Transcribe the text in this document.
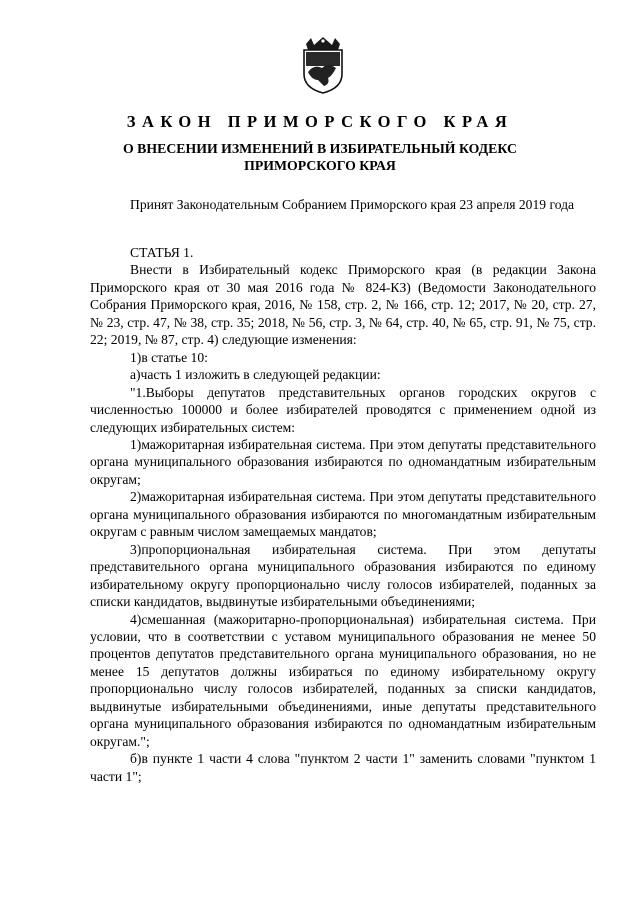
ЗАКОН ПРИМОРСКОГО КРАЯ
О ВНЕСЕНИИ ИЗМЕНЕНИЙ В ИЗБИРАТЕЛЬНЫЙ КОДЕКС
ПРИМОРСКОГО КРАЯ

Принят Законодательным Собранием Приморского края 23 апреля 2019 года

СТАТЬЯ 1.

Внести в Избирательный кодекс Приморского края (в редакции Закона Приморского края от 30 мая 2016 года № 824-КЗ) (Ведомости Законодательного Собрания Приморского края, 2016, № 158, стр. 2, № 166, стр. 12; 2017, № 20, стр. 27, № 23, стр. 47, № 38, стр. 35; 2018, № 56, стр. 3, № 64, стр. 40, № 65, стр. 91, № 75, стр. 22; 2019, № 87, стр. 4) следующие изменения:

1)в статье 10:

а)часть 1 изложить в следующей редакции:

"1.Выборы депутатов представительных органов городских округов с численностью 100000 и более избирателей проводятся с применением одной из следующих избирательных систем:

1)мажоритарная избирательная система. При этом депутаты представительного органа муниципального образования избираются по одномандатным избирательным округам;

2)мажоритарная избирательная система. При этом депутаты представительного органа муниципального образования избираются по многомандатным избирательным округам с равным числом замещаемых мандатов;

3)пропорциональная избирательная система. При этом депутаты представительного органа муниципального образования избираются по единому избирательному округу пропорционально числу голосов избирателей, поданных за списки кандидатов, выдвинутые избирательными объединениями;

4)смешанная (мажоритарно-пропорциональная) избирательная система. При условии, что в соответствии с уставом муниципального образования не менее 50 процентов депутатов представительного органа муниципального образования, но не менее 15 депутатов должны избираться по единому избирательному округу пропорционально числу голосов избирателей, поданных за списки кандидатов, выдвинутые избирательными объединениями, иные депутаты представительного органа муниципального образования избираются по одномандатным избирательным округам.";

б)в пункте 1 части 4 слова "пунктом 2 части 1" заменить словами "пунктом 1 части 1";
